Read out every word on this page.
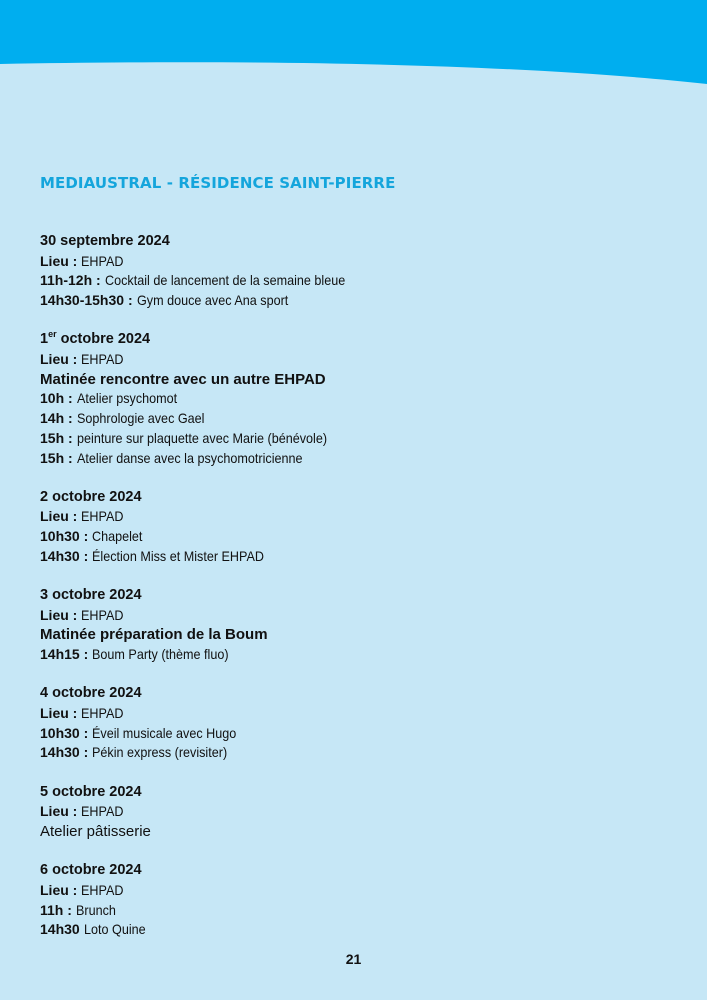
MEDIAUSTRAL - RÉSIDENCE SAINT-PIERRE
30 septembre 2024
Lieu : EHPAD
11h-12h : Cocktail de lancement de la semaine bleue
14h30-15h30 : Gym douce avec Ana sport
1er octobre 2024
Lieu : EHPAD
Matinée rencontre avec un autre EHPAD
10h : Atelier psychomot
14h : Sophrologie avec Gael
15h : peinture sur plaquette avec Marie (bénévole)
15h : Atelier danse avec la psychomotricienne
2 octobre 2024
Lieu : EHPAD
10h30 : Chapelet
14h30 : Élection Miss et Mister EHPAD
3 octobre 2024
Lieu : EHPAD
Matinée préparation de la Boum
14h15 : Boum Party (thème fluo)
4 octobre 2024
Lieu : EHPAD
10h30 : Éveil musicale avec Hugo
14h30 : Pékin express (revisiter)
5 octobre 2024
Lieu : EHPAD
Atelier pâtisserie
6 octobre 2024
Lieu : EHPAD
11h : Brunch
14h30 Loto Quine
21
